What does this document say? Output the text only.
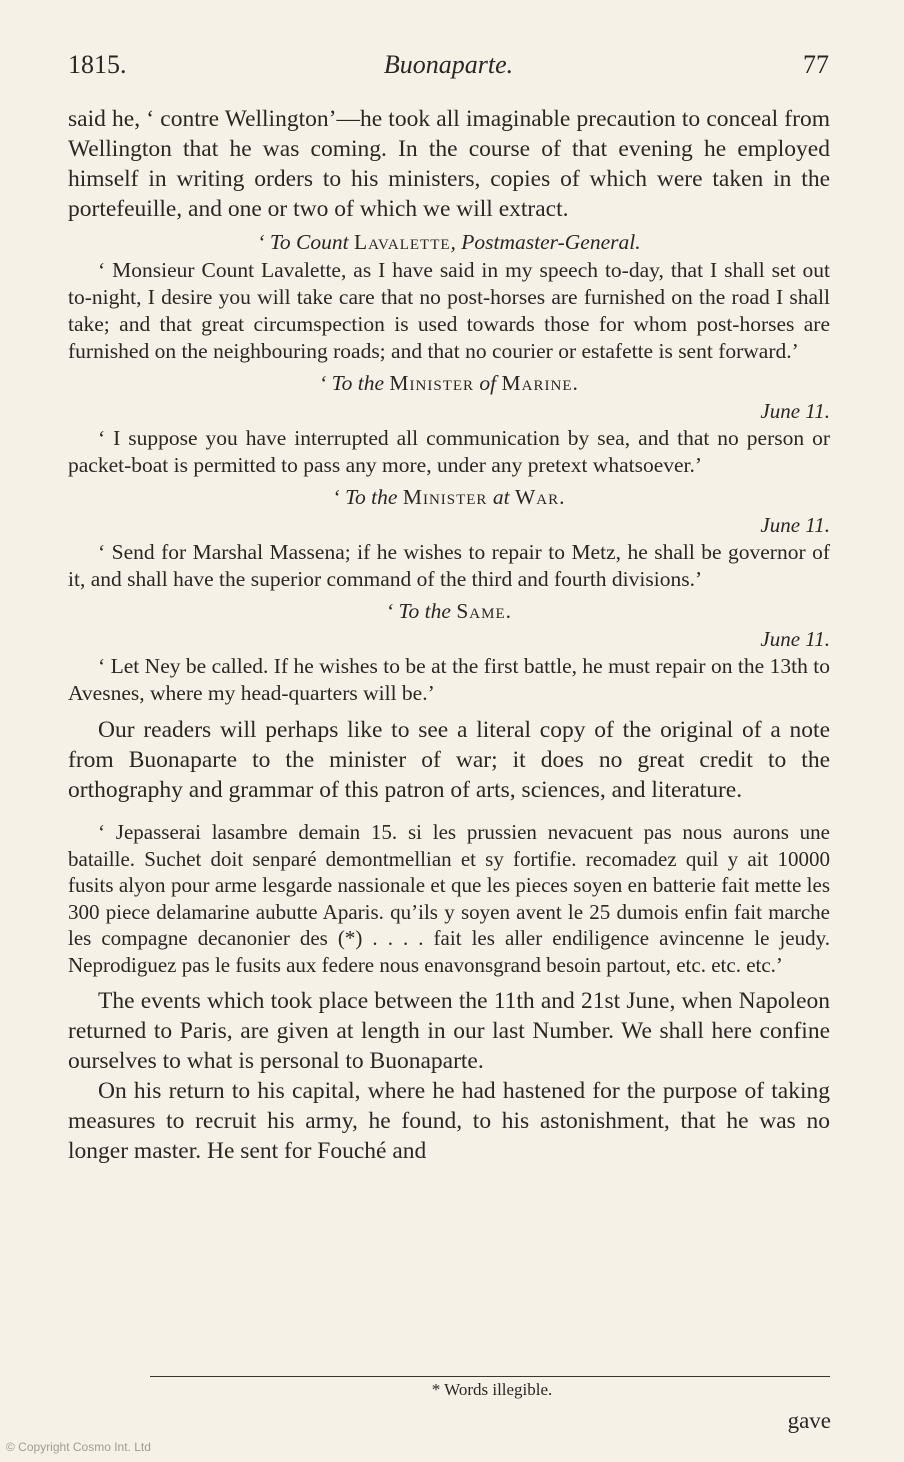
1815.	Buonaparte.	77

said he, ‘ contre Wellington’—he took all imaginable precaution to conceal from Wellington that he was coming. In the course of that evening he employed himself in writing orders to his ministers, copies of which were taken in the portefeuille, and one or two of which we will extract.

‘ To Count Lavalette, Postmaster-General.

‘ Monsieur Count Lavalette, as I have said in my speech to-day, that I shall set out to-night, I desire you will take care that no post-horses are furnished on the road I shall take; and that great circumspection is used towards those for whom post-horses are furnished on the neighbouring roads; and that no courier or estafette is sent forward.’

‘ To the Minister of Marine.

June 11.

‘ I suppose you have interrupted all communication by sea, and that no person or packet-boat is permitted to pass any more, under any pretext whatsoever.’

‘ To the Minister at War.

June 11.

‘ Send for Marshal Massena; if he wishes to repair to Metz, he shall be governor of it, and shall have the superior command of the third and fourth divisions.’

‘ To the Same.

June 11.

‘ Let Ney be called. If he wishes to be at the first battle, he must repair on the 13th to Avesnes, where my head-quarters will be.’

Our readers will perhaps like to see a literal copy of the original of a note from Buonaparte to the minister of war; it does no great credit to the orthography and grammar of this patron of arts, sciences, and literature.

‘ Jepasserai lasambre demain 15. si les prussien nevacuent pas nous aurons une bataille. Suchet doit senparé demontmellian et sy fortifie. recomadez quil y ait 10000 fusits alyon pour arme lesgarde nassionale et que les pieces soyen en batterie fait mette les 300 piece delamarine aubutte Aparis. qu’ils y soyen avent le 25 dumois enfin fait marche les compagne decanonier des (*) . . . . fait les aller endiligence avincenne le jeudy. Neprodiguez pas le fusits aux federe nous enavonsgrand besoin partout, etc. etc. etc.’

The events which took place between the 11th and 21st June, when Napoleon returned to Paris, are given at length in our last Number. We shall here confine ourselves to what is personal to Buonaparte.

On his return to his capital, where he had hastened for the purpose of taking measures to recruit his army, he found, to his astonishment, that he was no longer master. He sent for Fouché and

* Words illegible.
gave
© Copyright Cosmo Int. Ltd
